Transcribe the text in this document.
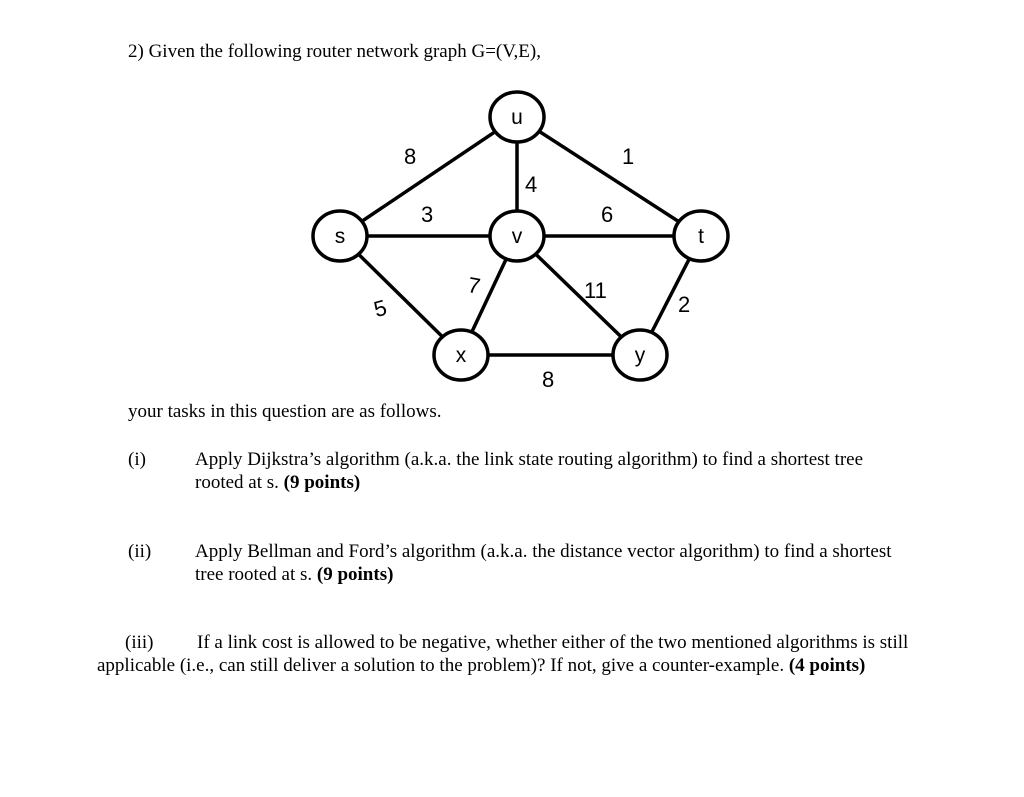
2) Given the following router network graph G=(V,E),
8	1
4
3	6
5
7	11
2
8
u
s	v	t
x	y
your tasks in this question are as follows.
(i)	Apply Dijkstra’s algorithm (a.k.a. the link state routing algorithm) to find a shortest tree rooted at s. (9 points)
(ii) Apply Bellman and Ford’s algorithm (a.k.a. the distance vector algorithm) to find a shortest tree rooted at s. (9 points)
(iii) If a link cost is allowed to be negative, whether either of the two mentioned algorithms is still applicable (i.e., can still deliver a solution to the problem)? If not, give a counter-example. (4 points)
